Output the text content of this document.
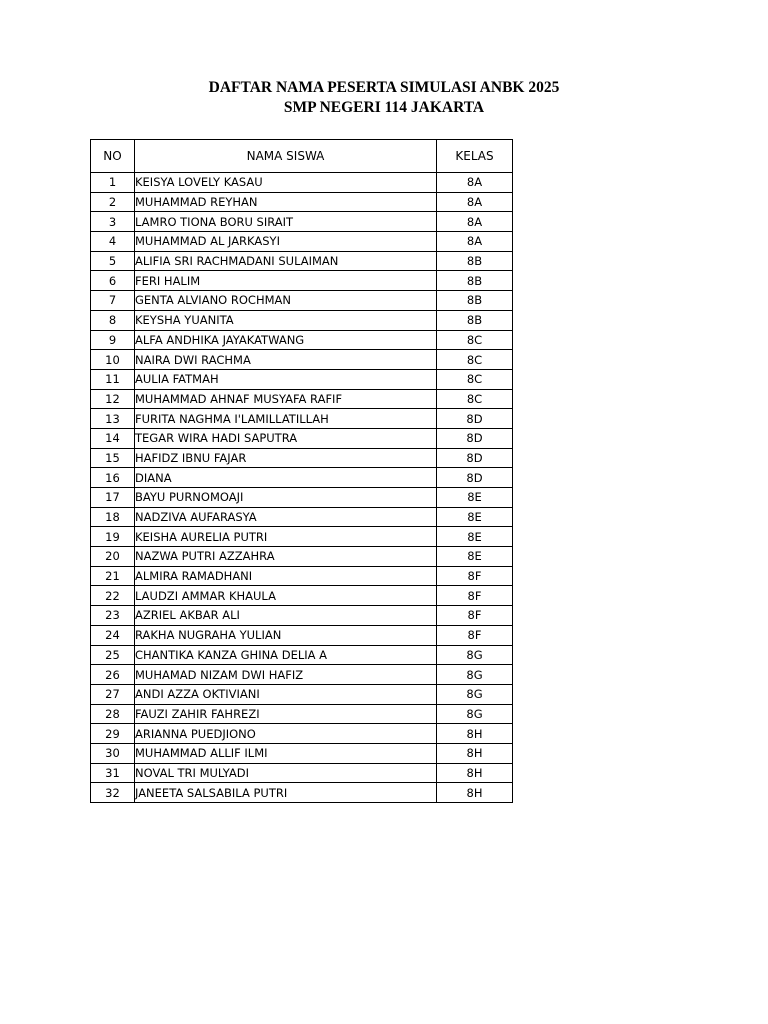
DAFTAR NAMA PESERTA SIMULASI ANBK 2025
SMP NEGERI 114 JAKARTA
NO	NAMA SISWA	KELAS
1	KEISYA LOVELY KASAU	8A
2	MUHAMMAD REYHAN	8A
3	LAMRO TIONA BORU SIRAIT	8A
4	MUHAMMAD AL JARKASYI	8A
5	ALIFIA SRI RACHMADANI SULAIMAN	8B
6	FERI HALIM	8B
7	GENTA ALVIANO ROCHMAN	8B
8	KEYSHA YUANITA	8B
9	ALFA ANDHIKA JAYAKATWANG	8C
10	NAIRA DWI RACHMA	8C
11	AULIA FATMAH	8C
12	MUHAMMAD AHNAF MUSYAFA RAFIF	8C
13	FURITA NAGHMA I'LAMILLATILLAH	8D
14	TEGAR WIRA HADI SAPUTRA	8D
15	HAFIDZ IBNU FAJAR	8D
16	DIANA	8D
17	BAYU PURNOMOAJI	8E
18	NADZIVA AUFARASYA	8E
19	KEISHA AURELIA PUTRI	8E
20	NAZWA PUTRI AZZAHRA	8E
21	ALMIRA RAMADHANI	8F
22	LAUDZI AMMAR KHAULA	8F
23	AZRIEL AKBAR ALI	8F
24	RAKHA NUGRAHA YULIAN	8F
25	CHANTIKA KANZA GHINA DELIA A	8G
26	MUHAMAD NIZAM DWI HAFIZ	8G
27	ANDI AZZA OKTIVIANI	8G
28	FAUZI ZAHIR FAHREZI	8G
29	ARIANNA PUEDJIONO	8H
30	MUHAMMAD ALLIF ILMI	8H
31	NOVAL TRI MULYADI	8H
32	JANEETA SALSABILA PUTRI	8H
